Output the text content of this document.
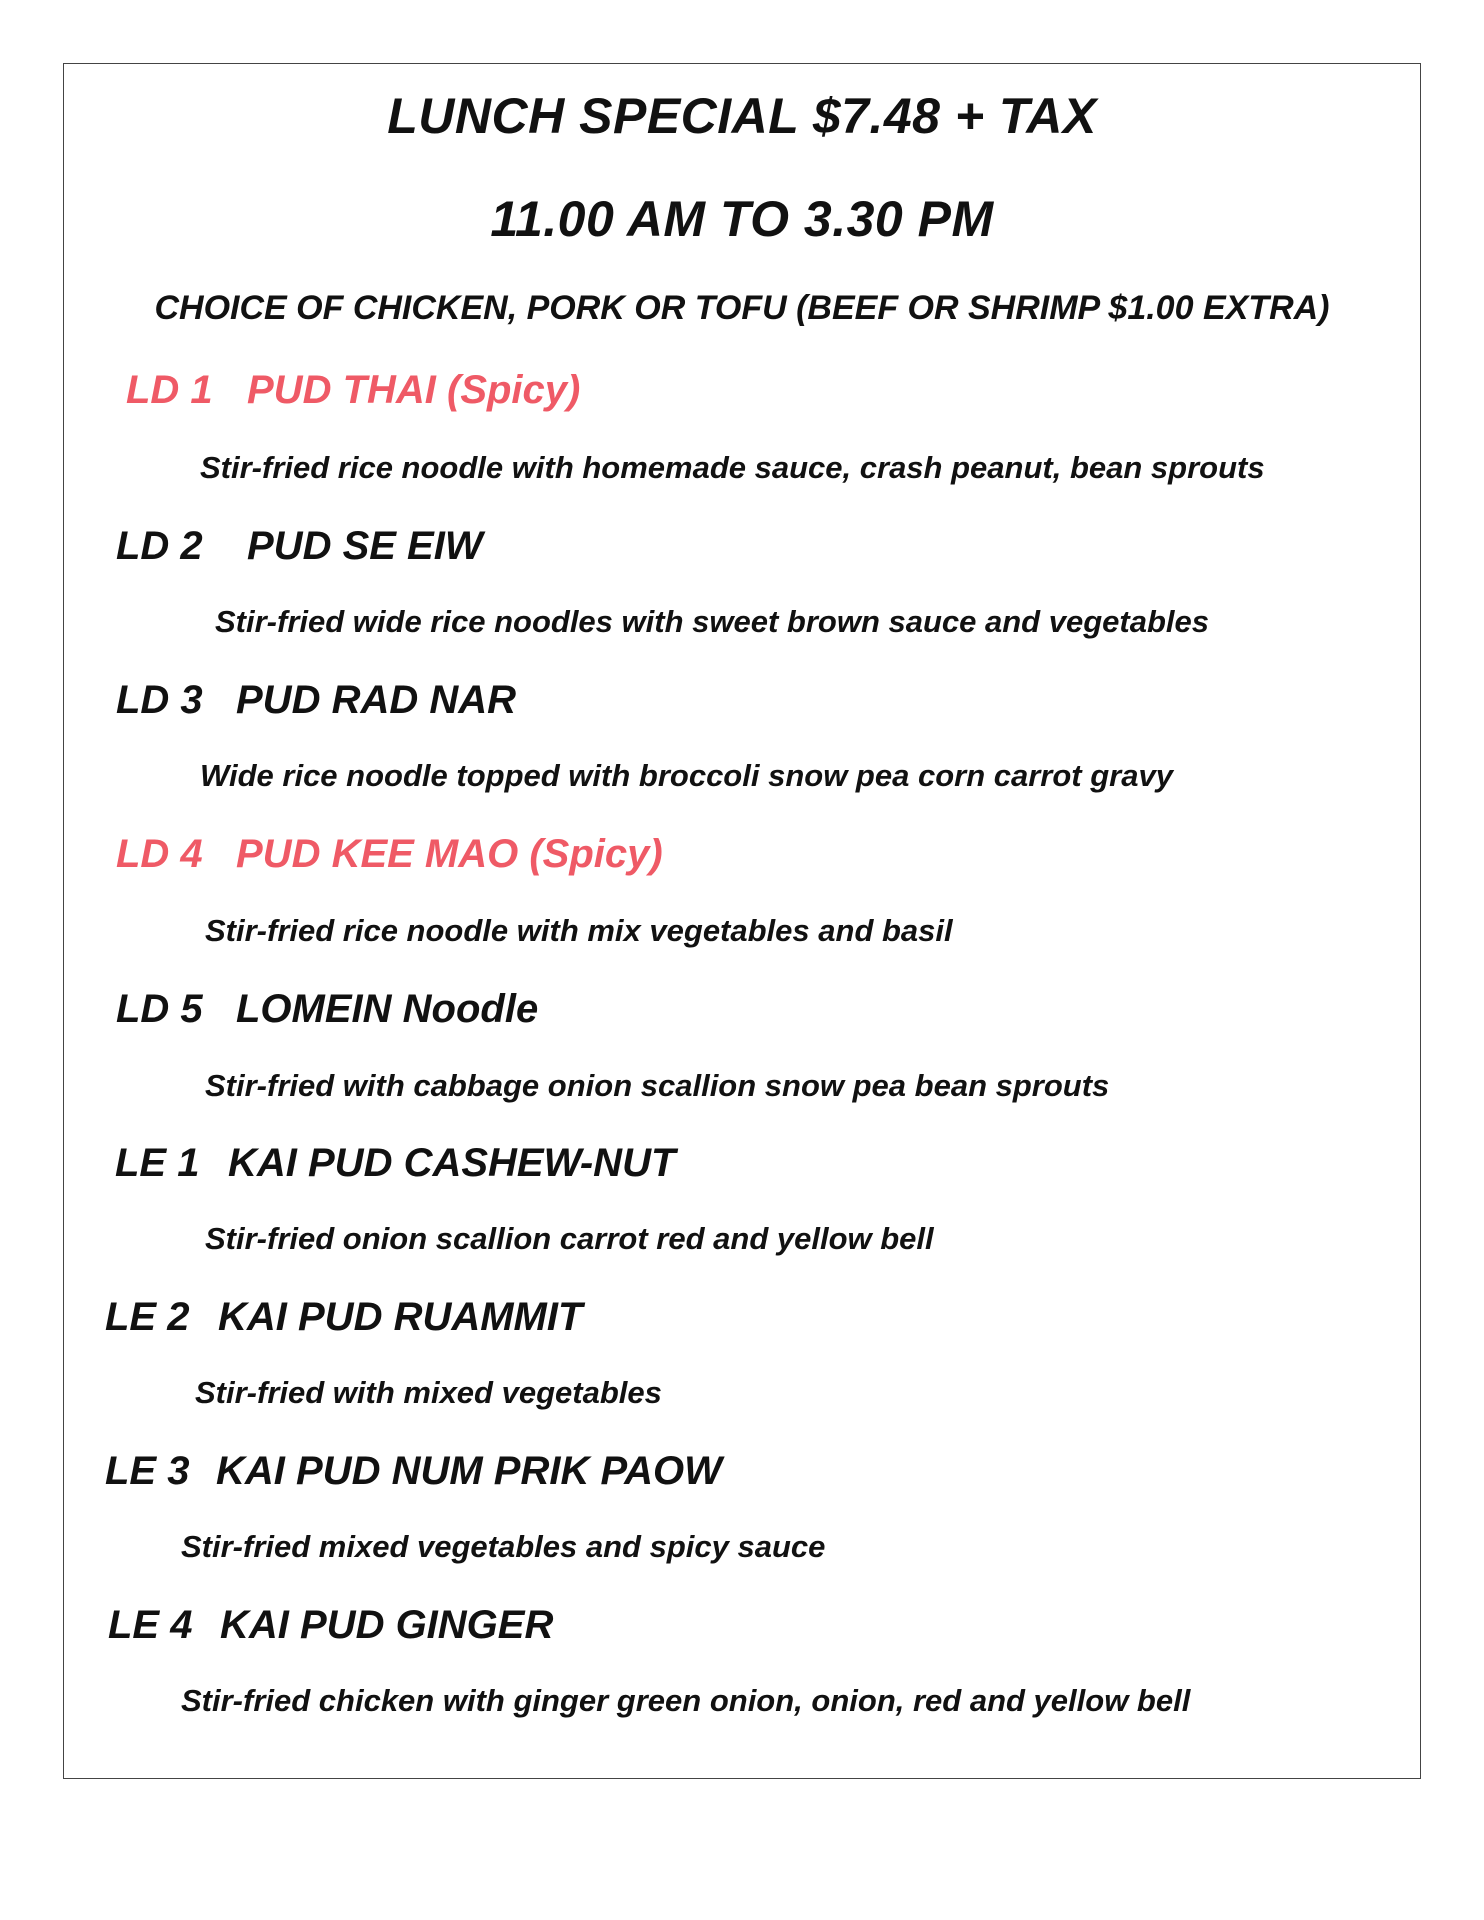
LUNCH SPECIAL $7.48 + TAX
11.00 AM TO 3.30 PM
CHOICE OF CHICKEN, PORK OR TOFU (BEEF OR SHRIMP $1.00 EXTRA)
LD 1 PUD THAI (Spicy)
Stir-fried rice noodle with homemade sauce, crash peanut, bean sprouts
LD 2 PUD SE EIW
Stir-fried wide rice noodles with sweet brown sauce and vegetables
LD 3 PUD RAD NAR
Wide rice noodle topped with broccoli snow pea corn carrot gravy
LD 4 PUD KEE MAO (Spicy)
Stir-fried rice noodle with mix vegetables and basil
LD 5 LOMEIN Noodle
Stir-fried with cabbage onion scallion snow pea bean sprouts
LE 1 KAI PUD CASHEW-NUT
Stir-fried onion scallion carrot red and yellow bell
LE 2 KAI PUD RUAMMIT
Stir-fried with mixed vegetables
LE 3 KAI PUD NUM PRIK PAOW
Stir-fried mixed vegetables and spicy sauce
LE 4 KAI PUD GINGER
Stir-fried chicken with ginger green onion, onion, red and yellow bell
